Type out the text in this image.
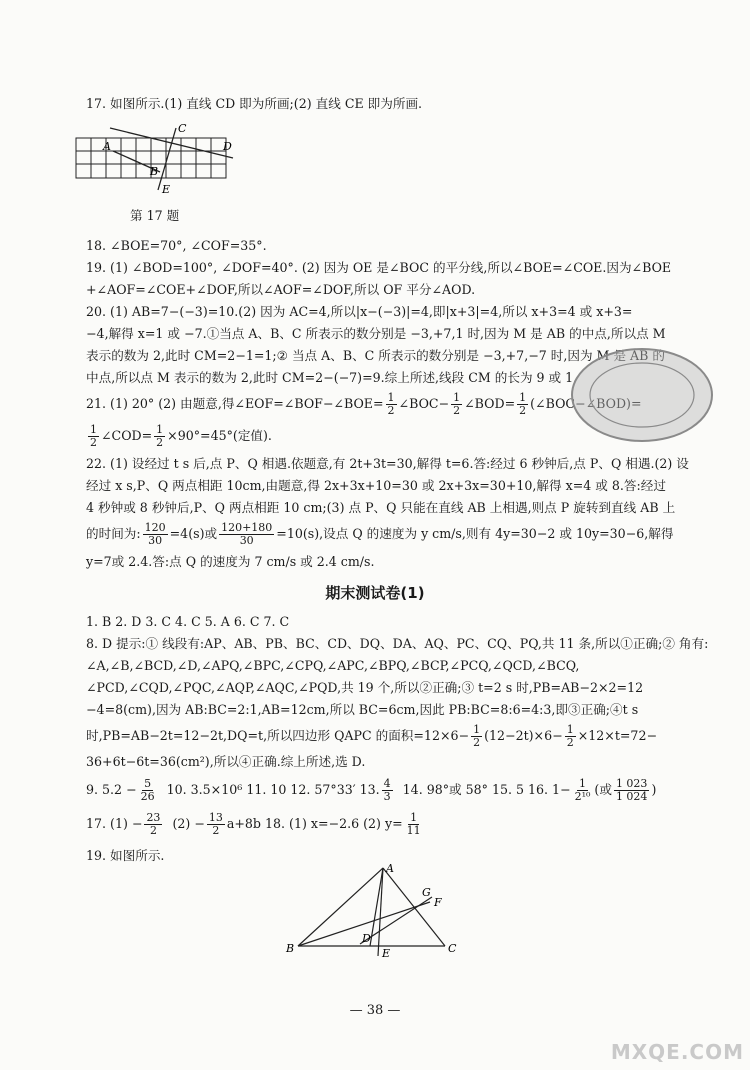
17. 如图所示.(1) 直线 CD 即为所画;(2) 直线 CE 即为所画.
A
B
C
D
E
第 17 题
18. ∠BOE=70°, ∠COF=35°.
19. (1) ∠BOD=100°, ∠DOF=40°. (2) 因为 OE 是∠BOC 的平分线,所以∠BOE=∠COE.因为∠BOE
+∠AOF=∠COE+∠DOF,所以∠AOF=∠DOF,所以 OF 平分∠AOD.
20. (1) AB=7−(−3)=10.(2) 因为 AC=4,所以|x−(−3)|=4,即|x+3|=4,所以 x+3=4 或 x+3=
−4,解得 x=1 或 −7.①当点 A、B、C 所表示的数分别是 −3,+7,1 时,因为 M 是 AB 的中点,所以点 M
表示的数为 2,此时 CM=2−1=1;② 当点 A、B、C 所表示的数分别是 −3,+7,−7 时,因为 M 是 AB 的
中点,所以点 M 表示的数为 2,此时 CM=2−(−7)=9.综上所述,线段 CM 的长为 9 或 1.
21. (1) 20° (2) 由题意,得∠EOF=∠BOF−∠BOE= $\frac{1}{2}$ ∠BOC− $\frac{1}{2}$ ∠BOD= $\frac{1}{2}$ (∠BOC−∠BOD)=
$\frac{1}{2}$ ∠COD= $\frac{1}{2} \times 90^\circ=45^\circ$(定值).
22. (1) 设经过 t s 后,点 P、Q 相遇.依题意,有 2t+3t=30,解得 t=6.答:经过 6 秒钟后,点 P、Q 相遇.(2) 设
经过 x s,P、Q 两点相距 10cm,由题意,得 2x+3x+10=30 或 2x+3x=30+10,解得 x=4 或 8.答:经过
4 秒钟或 8 秒钟后,P、Q 两点相距 10 cm;(3) 点 P、Q 只能在直线 AB 上相遇,则点 P 旋转到直线 AB 上
的时间为: $\frac{120}{30} =4(s)$或 $\frac{120+180}{30} =10(s)$,设点 Q 的速度为 y cm/s,则有 4y=30−2 或 10y=30−6,解得
y=7或 2.4.答:点 Q 的速度为 7 cm/s 或 2.4 cm/s.
期末测试卷(1)
1. B 2. D 3. C 4. C 5. A 6. C 7. C
8. D 提示:① 线段有:AP、AB、PB、BC、CD、DQ、DA、AQ、PC、CQ、PQ,共 11 条,所以①正确;② 角有:
∠A,∠B,∠BCD,∠D,∠APQ,∠BPC,∠CPQ,∠APC,∠BPQ,∠BCP,∠PCQ,∠QCD,∠BCQ,
∠PCD,∠CQD,∠PQC,∠AQP,∠AQC,∠PQD,共 19 个,所以②正确;③ t=2 s 时,PB=AB−2×2=12
−4=8(cm),因为 AB:BC=2:1,AB=12cm,所以 BC=6cm,因此 PB:BC=8:6=4:3,即③正确;④t s
时,PB=AB−2t=12−2t,DQ=t,所以四边形 QAPC 的面积$=12\times 6- \frac{1}{2} (12-2t)\times 6- \frac{1}{2} \times 12\times t=72-$
36+6t−6t=36(cm²),所以④正确.综上所述,选 D.
9. $5.2 - \frac{5}{26} 10$. 3.5×10⁶ 11. 10 12. 57°33′ 13. $\frac{4}{3} 14$. 98°或 58° 15. 5 16. $1- \frac{1}{\text{2¹⁰}}$ (或 $\frac{1 023}{1 024}$ )
17. $(1) - \frac{23}{2} (2) - \frac{13}{2} a+8b$ 18. (1) x=−2.6 (2) $y= \frac{1}{11}$
19. 如图所示.
A
B	C
D
E
F
G
— 38 —
MXQE.COM
